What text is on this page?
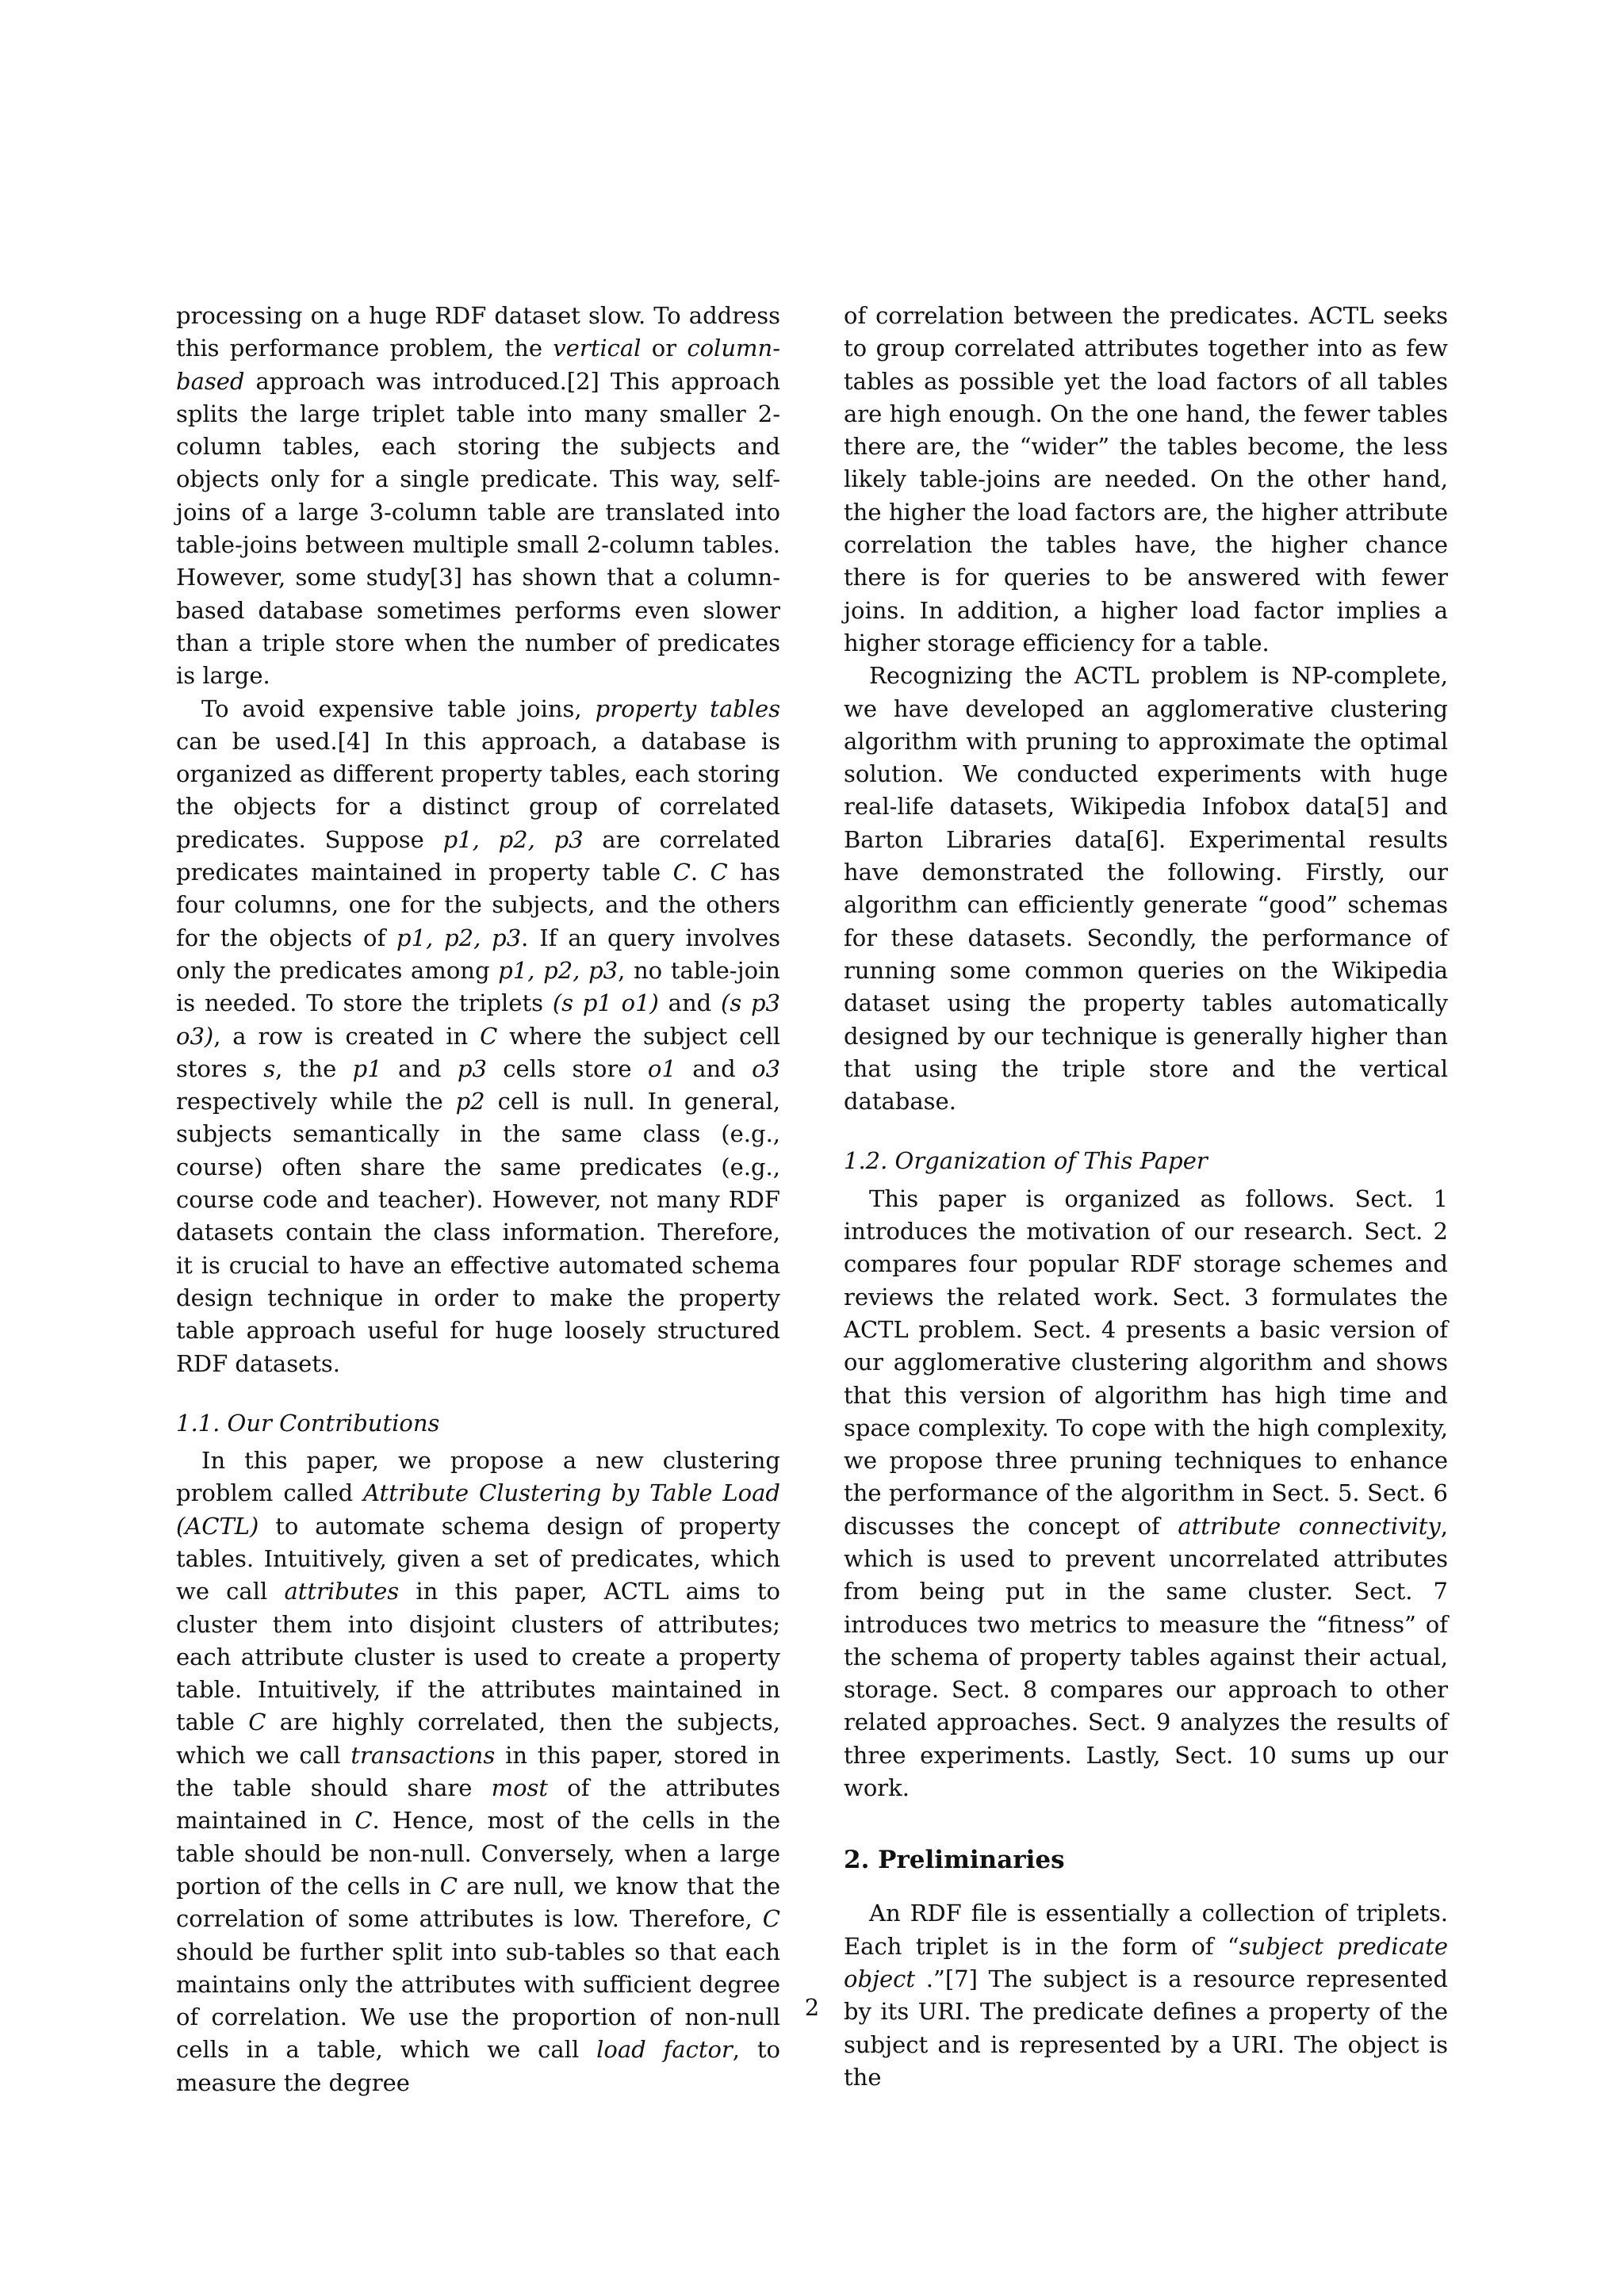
processing on a huge RDF dataset slow. To address this performance problem, the vertical or column-based approach was introduced.[2] This approach splits the large triplet table into many smaller 2-column tables, each storing the subjects and objects only for a single predicate. This way, self-joins of a large 3-column table are translated into table-joins between multiple small 2-column tables. However, some study[3] has shown that a column-based database sometimes performs even slower than a triple store when the number of predicates is large.

To avoid expensive table joins, property tables can be used.[4] In this approach, a database is organized as different property tables, each storing the objects for a distinct group of correlated predicates. Suppose p1, p2, p3 are correlated predicates maintained in property table C. C has four columns, one for the subjects, and the others for the objects of p1, p2, p3. If an query involves only the predicates among p1, p2, p3, no table-join is needed. To store the triplets (s p1 o1) and (s p3 o3), a row is created in C where the subject cell stores s, the p1 and p3 cells store o1 and o3 respectively while the p2 cell is null. In general, subjects semantically in the same class (e.g., course) often share the same predicates (e.g., course code and teacher). However, not many RDF datasets contain the class information. Therefore, it is crucial to have an effective automated schema design technique in order to make the property table approach useful for huge loosely structured RDF datasets.

1.1. Our Contributions

In this paper, we propose a new clustering problem called Attribute Clustering by Table Load (ACTL) to automate schema design of property tables. Intuitively, given a set of predicates, which we call attributes in this paper, ACTL aims to cluster them into disjoint clusters of attributes; each attribute cluster is used to create a property table. Intuitively, if the attributes maintained in table C are highly correlated, then the subjects, which we call transactions in this paper, stored in the table should share most of the attributes maintained in C. Hence, most of the cells in the table should be non-null. Conversely, when a large portion of the cells in C are null, we know that the correlation of some attributes is low. Therefore, C should be further split into sub-tables so that each maintains only the attributes with sufficient degree of correlation. We use the proportion of non-null cells in a table, which we call load factor, to measure the degree

of correlation between the predicates. ACTL seeks to group correlated attributes together into as few tables as possible yet the load factors of all tables are high enough. On the one hand, the fewer tables there are, the “wider” the tables become, the less likely table-joins are needed. On the other hand, the higher the load factors are, the higher attribute correlation the tables have, the higher chance there is for queries to be answered with fewer joins. In addition, a higher load factor implies a higher storage efficiency for a table.

Recognizing the ACTL problem is NP-complete, we have developed an agglomerative clustering algorithm with pruning to approximate the optimal solution. We conducted experiments with huge real-life datasets, Wikipedia Infobox data[5] and Barton Libraries data[6]. Experimental results have demonstrated the following. Firstly, our algorithm can efficiently generate “good” schemas for these datasets. Secondly, the performance of running some common queries on the Wikipedia dataset using the property tables automatically designed by our technique is generally higher than that using the triple store and the vertical database.

1.2. Organization of This Paper

This paper is organized as follows. Sect. 1 introduces the motivation of our research. Sect. 2 compares four popular RDF storage schemes and reviews the related work. Sect. 3 formulates the ACTL problem. Sect. 4 presents a basic version of our agglomerative clustering algorithm and shows that this version of algorithm has high time and space complexity. To cope with the high complexity, we propose three pruning techniques to enhance the performance of the algorithm in Sect. 5. Sect. 6 discusses the concept of attribute connectivity, which is used to prevent uncorrelated attributes from being put in the same cluster. Sect. 7 introduces two metrics to measure the “fitness” of the schema of property tables against their actual, storage. Sect. 8 compares our approach to other related approaches. Sect. 9 analyzes the results of three experiments. Lastly, Sect. 10 sums up our work.

2. Preliminaries

An RDF file is essentially a collection of triplets. Each triplet is in the form of “subject predicate object .”[7] The subject is a resource represented by its URI. The predicate defines a property of the subject and is represented by a URI. The object is the

2
